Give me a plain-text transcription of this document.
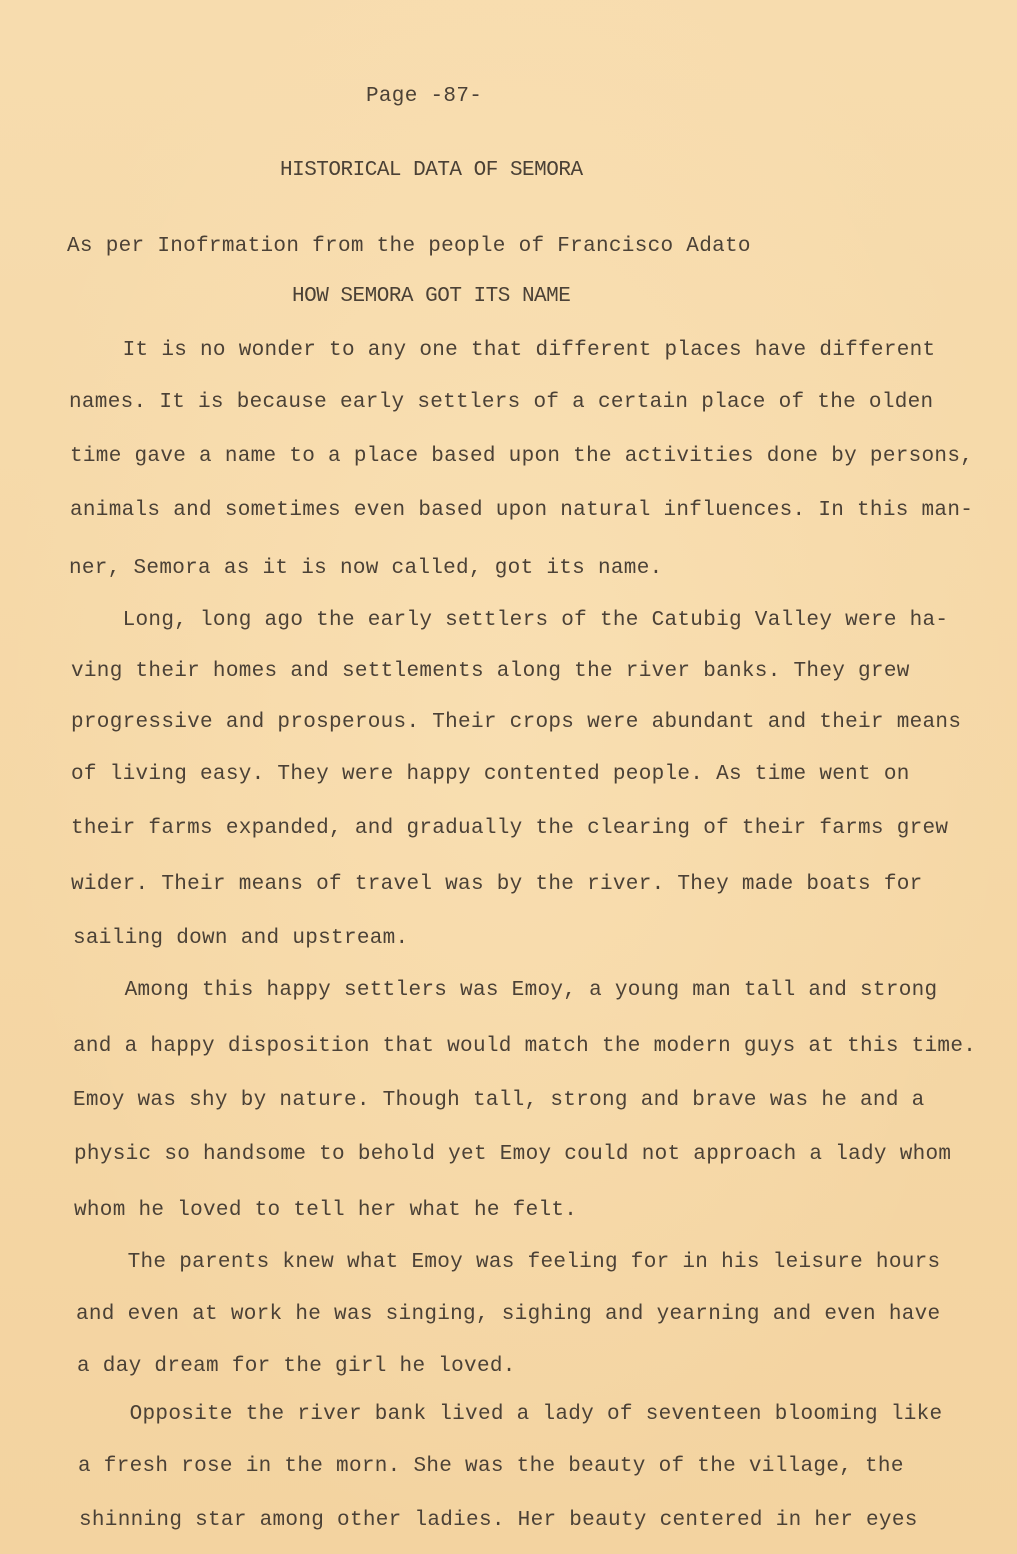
Page -87-
HISTORICAL DATA OF SEMORA
As per Inofrmation from the people of Francisco Adato
HOW SEMORA GOT ITS NAME
It is no wonder to any one that different places have different
names. It is because early settlers of a certain place of the olden
time gave a name to a place based upon the activities done by persons,
animals and sometimes even based upon natural influences. In this man-
ner, Semora as it is now called, got its name.
Long, long ago the early settlers of the Catubig Valley were ha-
ving their homes and settlements along the river banks. They grew
progressive and prosperous. Their crops were abundant and their means
of living easy. They were happy contented people. As time went on
their farms expanded, and gradually the clearing of their farms grew
wider. Their means of travel was by the river. They made boats for
sailing down and upstream.
Among this happy settlers was Emoy, a young man tall and strong
and a happy disposition that would match the modern guys at this time.
Emoy was shy by nature. Though tall, strong and brave was he and a
physic so handsome to behold yet Emoy could not approach a lady whom
whom he loved to tell her what he felt.
The parents knew what Emoy was feeling for in his leisure hours
and even at work he was singing, sighing and yearning and even have
a day dream for the girl he loved.
Opposite the river bank lived a lady of seventeen blooming like
a fresh rose in the morn. She was the beauty of the village, the
shinning star among other ladies. Her beauty centered in her eyes
